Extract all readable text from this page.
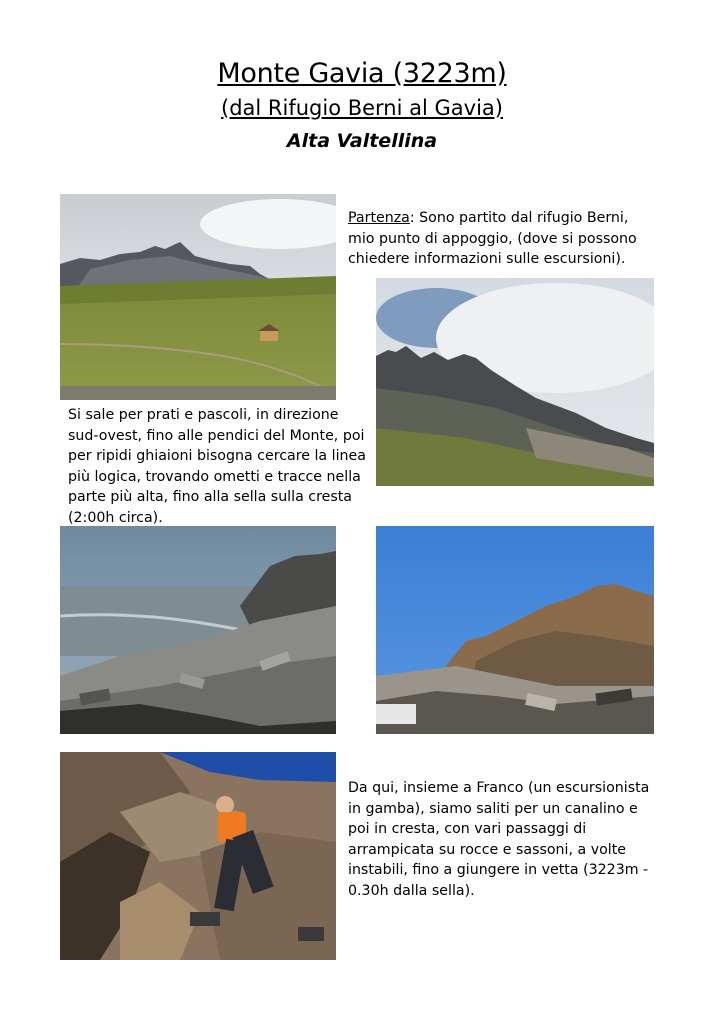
Monte Gavia (3223m)
(dal Rifugio Berni al Gavia)
Alta Valtellina
Partenza: Sono partito dal rifugio Berni, mio punto di appoggio, (dove si possono chiedere informazioni sulle escursioni).
Si sale per prati e pascoli, in direzione sud-ovest, fino alle pendici del Monte, poi per ripidi ghiaioni bisogna cercare la linea più logica, trovando ometti e tracce nella parte più alta, fino alla sella sulla cresta (2:00h circa).
Da qui, insieme a Franco (un escursionista in gamba), siamo saliti per un canalino e poi in cresta, con vari passaggi di arrampicata su rocce e sassoni, a volte instabili, fino a giungere in vetta (3223m - 0.30h dalla sella).
